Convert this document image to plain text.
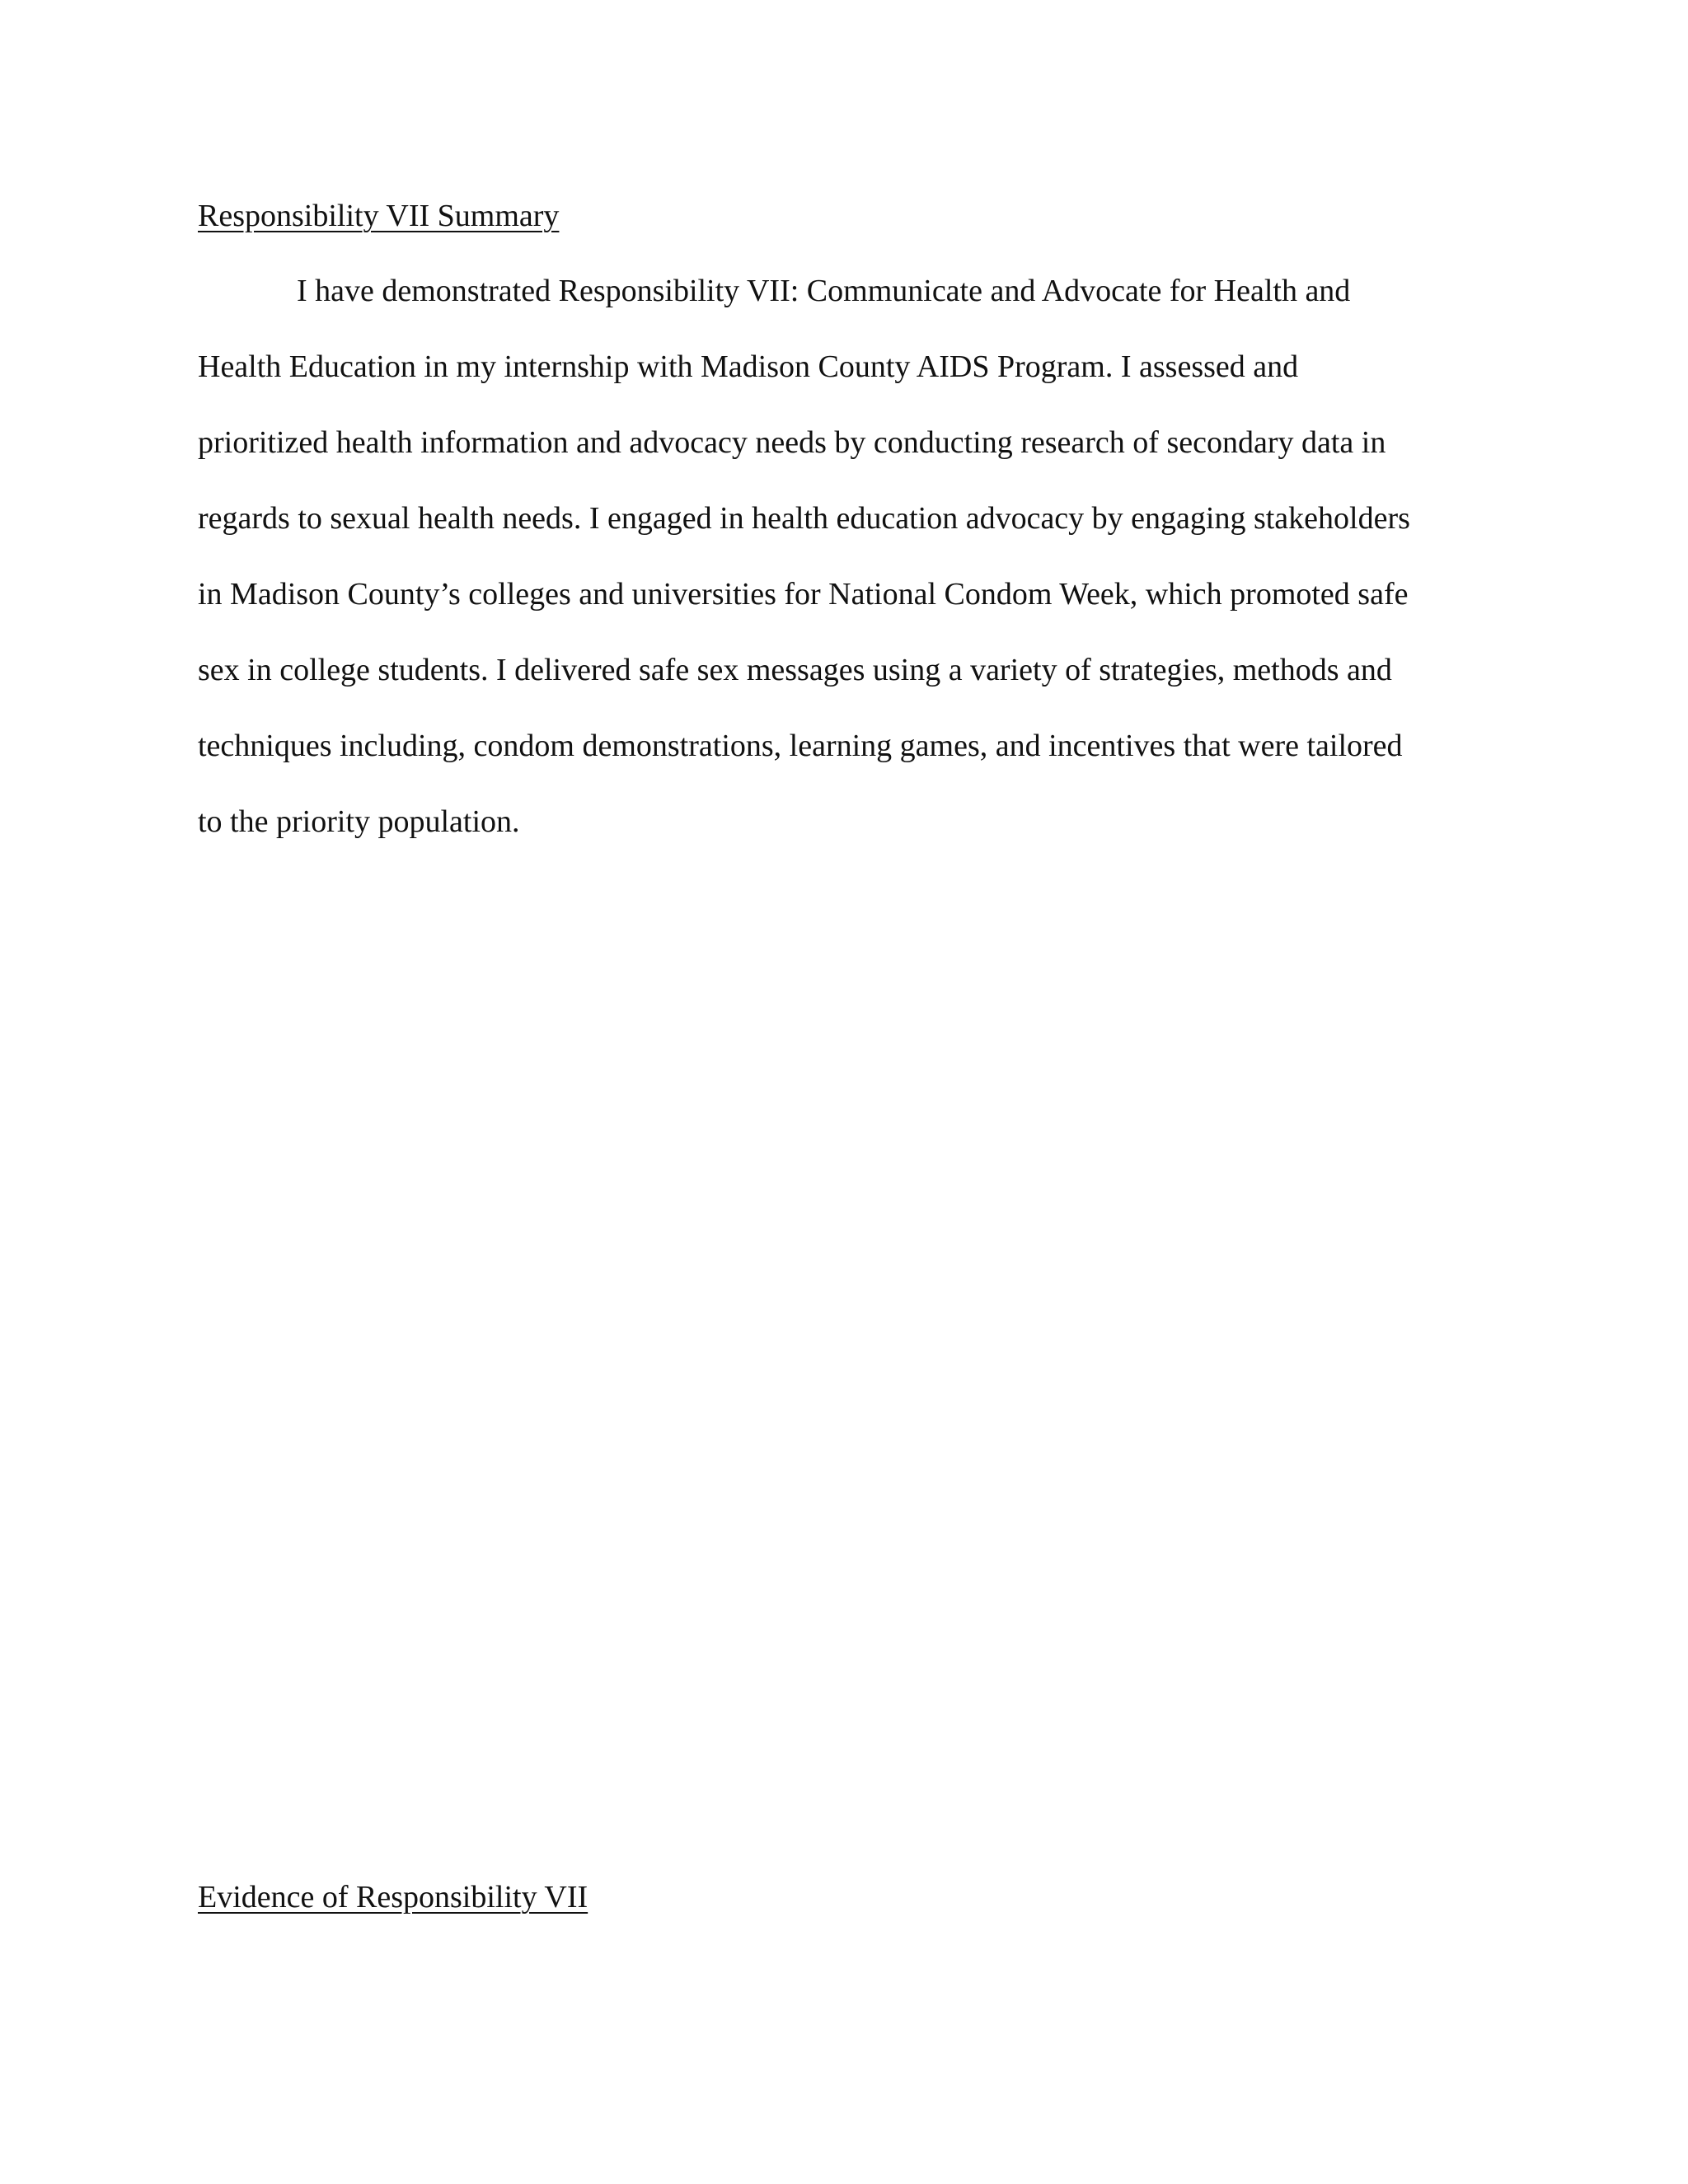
Responsibility VII Summary
I have demonstrated Responsibility VII: Communicate and Advocate for Health and
Health Education in my internship with Madison County AIDS Program. I assessed and
prioritized health information and advocacy needs by conducting research of secondary data in
regards to sexual health needs. I engaged in health education advocacy by engaging stakeholders
in Madison County’s colleges and universities for National Condom Week, which promoted safe
sex in college students. I delivered safe sex messages using a variety of strategies, methods and
techniques including, condom demonstrations, learning games, and incentives that were tailored
to the priority population.
Evidence of Responsibility VII
